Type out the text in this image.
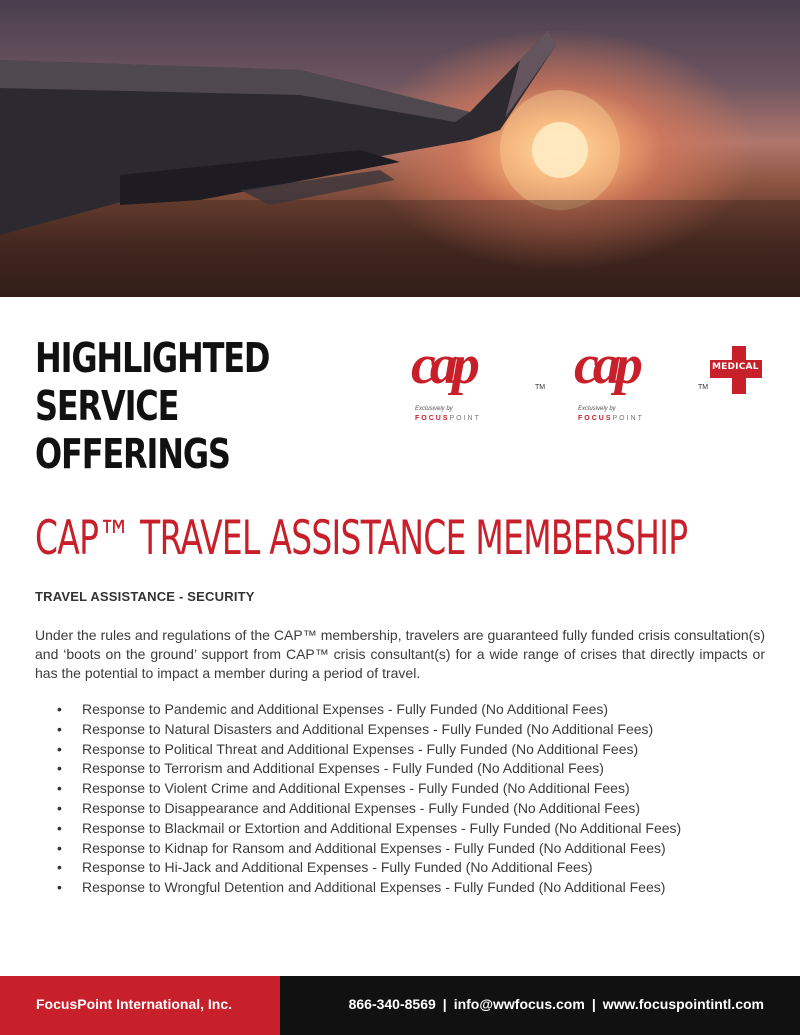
HIGHLIGHTED
SERVICE
OFFERINGS
cap	TM
Exclusively by
FOCUSPOINT
cap	TM
MEDICAL
Exclusively by
FOCUSPOINT
CAP™ TRAVEL ASSISTANCE MEMBERSHIP
TRAVEL ASSISTANCE - SECURITY

Under the rules and regulations of the CAP™ membership, travelers are guaranteed fully funded crisis consultation(s) and ‘boots on the ground’ support from CAP™ crisis consultant(s) for a wide range of crises that directly impacts or has the potential to impact a member during a period of travel.

• Response to Pandemic and Additional Expenses - Fully Funded (No Additional Fees)
• Response to Natural Disasters and Additional Expenses - Fully Funded (No Additional Fees)
• Response to Political Threat and Additional Expenses - Fully Funded (No Additional Fees)
• Response to Terrorism and Additional Expenses - Fully Funded (No Additional Fees)
• Response to Violent Crime and Additional Expenses - Fully Funded (No Additional Fees)
• Response to Disappearance and Additional Expenses - Fully Funded (No Additional Fees)
• Response to Blackmail or Extortion and Additional Expenses - Fully Funded (No Additional Fees)
• Response to Kidnap for Ransom and Additional Expenses - Fully Funded (No Additional Fees)
• Response to Hi-Jack and Additional Expenses - Fully Funded (No Additional Fees)
• Response to Wrongful Detention and Additional Expenses - Fully Funded (No Additional Fees)
FocusPoint International, Inc.	866-340-8569 | info@wwfocus.com | www.focuspointintl.com
